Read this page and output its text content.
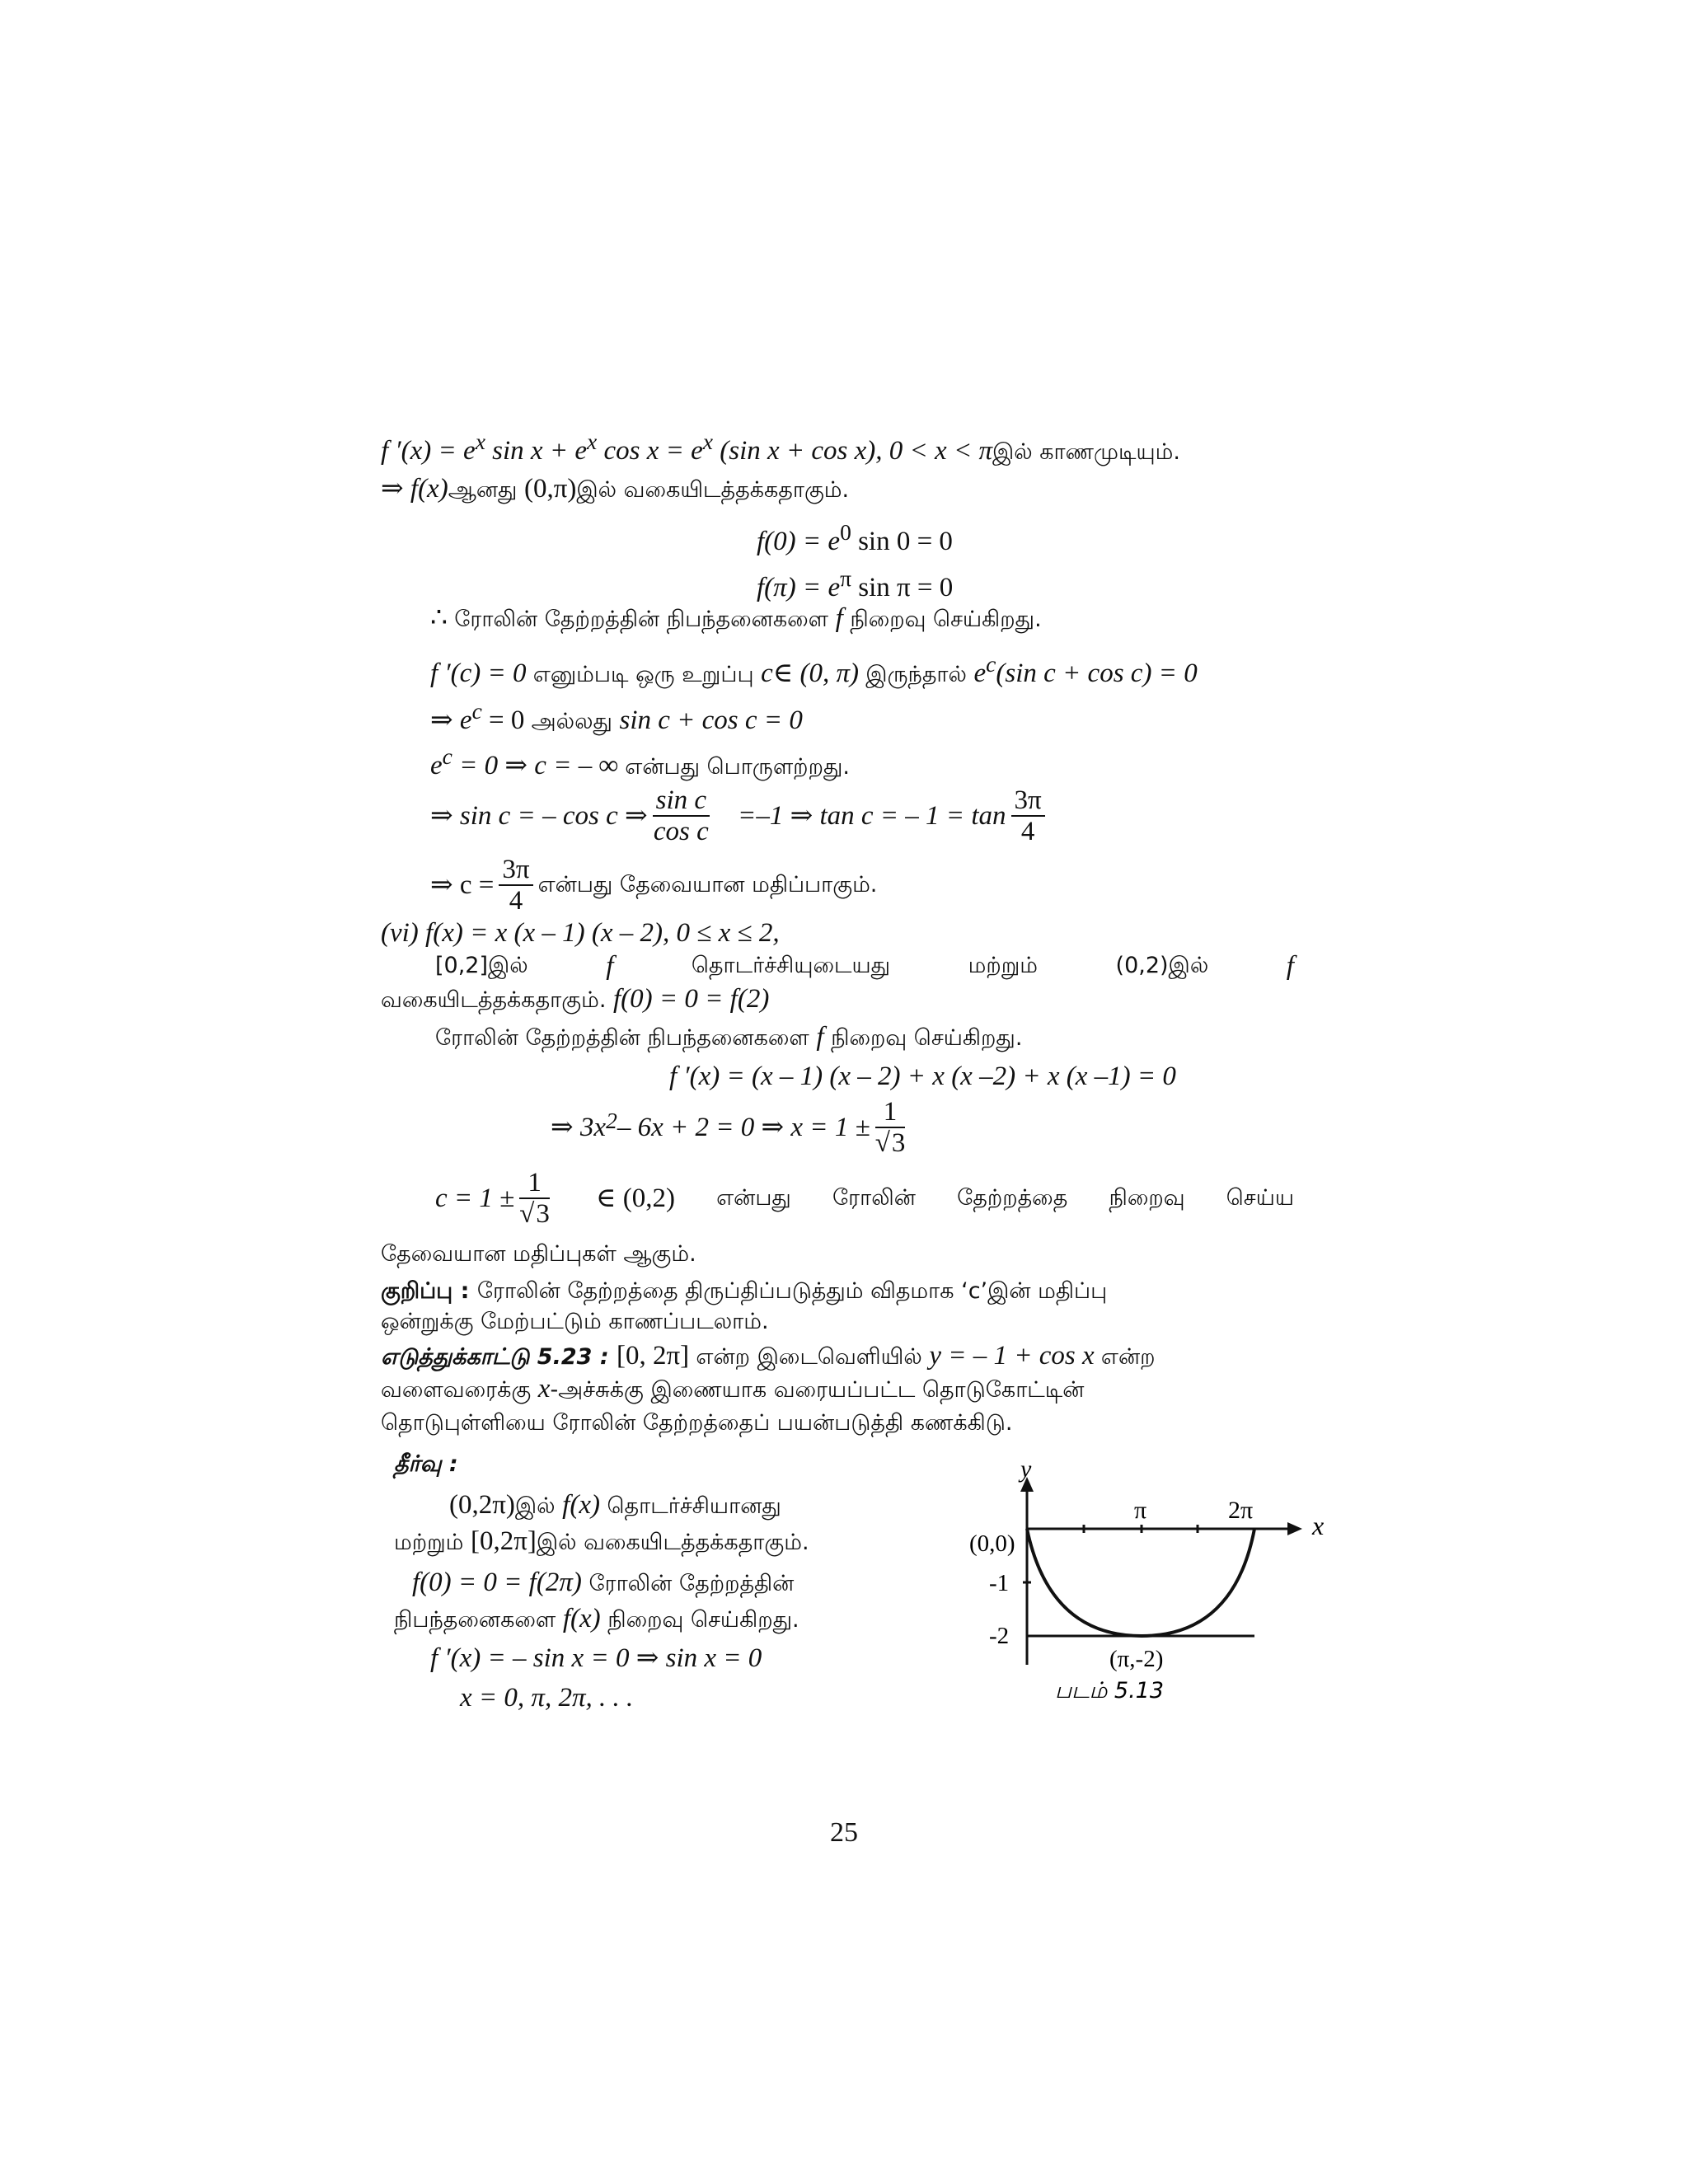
f $'(x) = e^x$ $\sin x + e^x$ $\cos x = e^x$ (sin x + cos x), 0 < x < πஇல் காணமுடியும்.
⇒ f(x)ஆனது (0,π)இல் வகையிடத்தக்கதாகும்.
$f(0) = e^0$ sin 0 = 0
$f(\pi) = e^\pi$ sin π = 0
∴ ரோலின் தேற்றத்தின் நிபந்தனைகளை f நிறைவு செய்கிறது.
f ′(c) = 0 எனும்படி ஒரு உறுப்பு c∈ (0, π) இருந்தால் $e^c(\sin$ c + cos c) = 0
⇒ $e^c = 0$ அல்லது sin c + cos c = 0
$e^c = 0$ ⇒ c = – ∞ என்பது பொருளற்றது.
⇒ sin c = – cos c ⇒ $\frac{\text{sin c}}{\text{cos c}} =-1$ ⇒ tan c = – $1 = \tan \frac{3\pi}{4}$
⇒ $c = \frac{3\pi}{4}$ என்பது தேவையான மதிப்பாகும்.
(vi) f(x) = x (x – 1) (x – 2), 0 ≤ x ≤ 2,
[0,2]இல்	f	தொடர்ச்சியுடையது	மற்றும்	(0,2)இல்	f
வகையிடத்தக்கதாகும். f(0) = 0 = f(2)
ரோலின் தேற்றத்தின் நிபந்தனைகளை f நிறைவு செய்கிறது.
f ′(x) = (x – 1) (x – 2) + x (x –2) + x (x –1) = 0
⇒ $3x^2 - 6x + 2 = 0$ ⇒ $x = 1 \pm \frac{1}{√3}$
$c = 1 \pm \frac{1}{√3}$ ∈ (0,2) என்பது ரோலின் தேற்றத்தை நிறைவு செய்ய
தேவையான மதிப்புகள் ஆகும்.
குறிப்பு : ரோலின் தேற்றத்தை திருப்திப்படுத்தும் விதமாக ‘c’இன் மதிப்பு
ஒன்றுக்கு மேற்பட்டும் காணப்படலாம்.
எடுத்துக்காட்டு 5.23 : [0, 2π] என்ற இடைவெளியில் y = – 1 + cos x என்ற
வளைவரைக்கு x-அச்சுக்கு இணையாக வரையப்பட்ட தொடுகோட்டின்
தொடுபுள்ளியை ரோலின் தேற்றத்தைப் பயன்படுத்தி கணக்கிடு.
தீர்வு :
(0,2π)இல் f(x) தொடர்ச்சியானது
மற்றும் [0,2π]இல் வகையிடத்தக்கதாகும்.
f(0) = 0 = f(2π) ரோலின் தேற்றத்தின்
நிபந்தனைகளை f(x) நிறைவு செய்கிறது.
f ′(x) = – sin x = 0 ⇒ sin x = 0
x = 0, π, 2π, . . .
y
x
π	2π
(0,0)
-1
-2
(π,-2)
படம் 5.13
25
